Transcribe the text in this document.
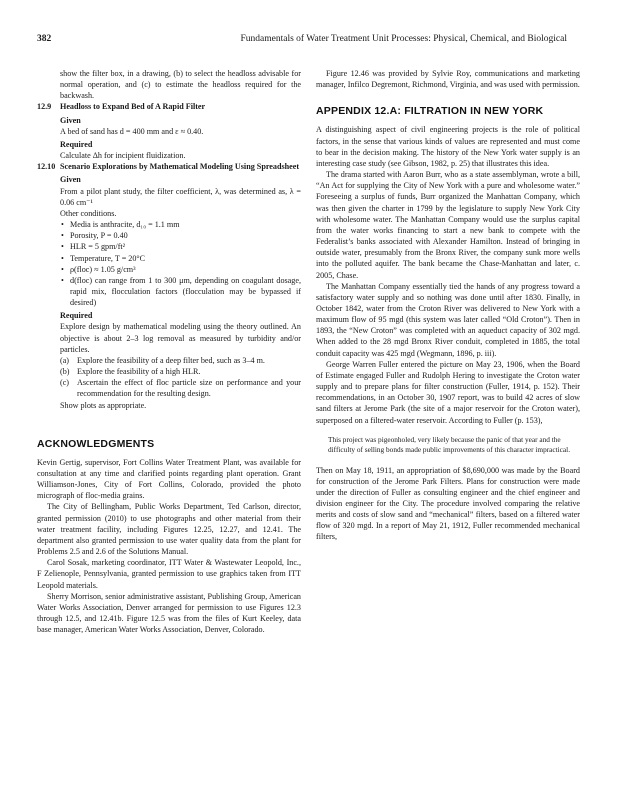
382	Fundamentals of Water Treatment Unit Processes: Physical, Chemical, and Biological

show the filter box, in a drawing, (b) to select the headloss advisable for normal operation, and (c) to estimate the headloss required for the backwash.

12.9 Headloss to Expand Bed of A Rapid Filter

Given

A bed of sand has d = 400 mm and ε ≈ 0.40.

Required

Calculate Δh for incipient fluidization.

12.10 Scenario Explorations by Mathematical Modeling Using Spreadsheet

Given

From a pilot plant study, the filter coefficient, λ, was determined as, λ = 0.06 cm⁻¹

Other conditions.

• Media is anthracite, d₁₀ = 1.1 mm
• Porosity, P = 0.40
• HLR = 5 gpm/ft²
• Temperature, T = 20°C
• ρ(floc) ≈ 1.05 g/cm³
• d(floc) can range from 1 to 300 μm, depending on coagulant dosage, rapid mix, flocculation factors (flocculation may be bypassed if desired)

Required

Explore design by mathematical modeling using the theory outlined. An objective is about 2–3 log removal as measured by turbidity and/or particles.

(a) Explore the feasibility of a deep filter bed, such as 3–4 m.
(b) Explore the feasibility of a high HLR.
(c) Ascertain the effect of floc particle size on performance and your recommendation for the resulting design.

Show plots as appropriate.

ACKNOWLEDGMENTS

Kevin Gertig, supervisor, Fort Collins Water Treatment Plant, was available for consultation at any time and clarified points regarding plant operation. Grant Williamson-Jones, City of Fort Collins, Colorado, provided the photo micrograph of floc-media grains.

The City of Bellingham, Public Works Department, Ted Carlson, director, granted permission (2010) to use photographs and other material from their water treatment facility, including Figures 12.25, 12.27, and 12.41. The department also granted permission to use water quality data from the plant for Problems 2.5 and 2.6 of the Solutions Manual.

Carol Sosak, marketing coordinator, ITT Water & Wastewater Leopold, Inc., F Zelienople, Pennsylvania, granted permission to use graphics taken from ITT Leopold materials.

Sherry Morrison, senior administrative assistant, Publishing Group, American Water Works Association, Denver arranged for permission to use Figures 12.3 through 12.5, and 12.41b. Figure 12.5 was from the files of Kurt Keeley, data base manager, American Water Works Association, Denver, Colorado.

Figure 12.46 was provided by Sylvie Roy, communications and marketing manager, Infilco Degremont, Richmond, Virginia, and was used with permission.

APPENDIX 12.A: FILTRATION IN NEW YORK

A distinguishing aspect of civil engineering projects is the role of political factors, in the sense that various kinds of values are represented and must come to bear in the decision making. The history of the New York water supply is an interesting case study (see Gibson, 1982, p. 25) that illustrates this idea.

The drama started with Aaron Burr, who as a state assemblyman, wrote a bill, “An Act for supplying the City of New York with a pure and wholesome water.” Foreseeing a surplus of funds, Burr organized the Manhattan Company, which was then given the charter in 1799 by the legislature to supply New York City with wholesome water. The Manhattan Company would use the surplus capital from the water works financing to start a new bank to compete with the Federalist’s banks associated with Alexander Hamilton. Instead of bringing in outside water, presumably from the Bronx River, the company sunk more wells into the polluted aquifer. The bank became the Chase-Manhattan and later, c. 2005, Chase.

The Manhattan Company essentially tied the hands of any progress toward a satisfactory water supply and so nothing was done until after 1830. Finally, in October 1842, water from the Croton River was delivered to New York with a maximum flow of 95 mgd (this system was later called “Old Croton”). Then in 1893, the “New Croton” was completed with an aqueduct capacity of 302 mgd. When added to the 28 mgd Bronx River conduit, completed in 1885, the total conduit capacity was 425 mgd (Wegmann, 1896, p. iii).

George Warren Fuller entered the picture on May 23, 1906, when the Board of Estimate engaged Fuller and Rudolph Hering to investigate the Croton water supply and to prepare plans for filter construction (Fuller, 1914, p. 152). Their recommendations, in an October 30, 1907 report, was to build 42 acres of slow sand filters at Jerome Park (the site of a major reservoir for the Croton water), superposed on a filtered-water reservoir. According to Fuller (p. 153),

This project was pigeonholed, very likely because the panic of that year and the difficulty of selling bonds made public improvements of this character impractical.

Then on May 18, 1911, an appropriation of $8,690,000 was made by the Board for construction of the Jerome Park Filters. Plans for construction were made under the direction of Fuller as consulting engineer and the chief engineer and division engineer for the City. The procedure involved comparing the relative merits and costs of slow sand and “mechanical” filters, based on a filtered water flow of 320 mgd. In a report of May 21, 1912, Fuller recommended mechanical filters,
